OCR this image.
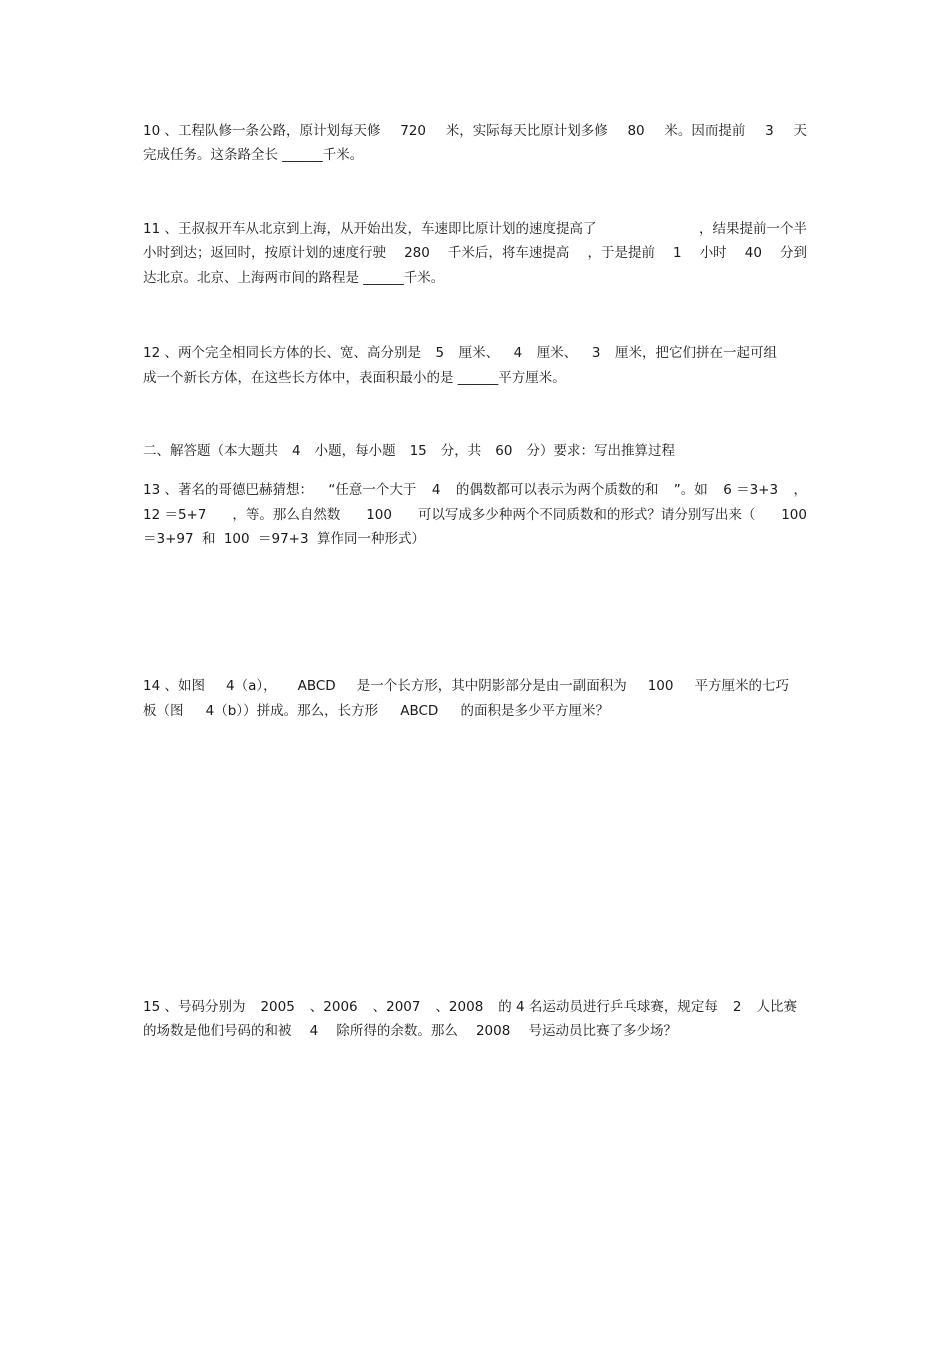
10 、工程队修一条公路，原计划每天修 720 米，实际每天比原计划多修 80 米。因而提前 3 天
完成任务。这条路全长 ______千米。
11 、王叔叔开车从北京到上海，从开始出发，车速即比原计划的速度提高了	，结果提前一个半
小时到达；返回时，按原计划的速度行驶 280 千米后，将车速提高 ，于是提前 1 小时 40 分到
达北京。北京、上海两市间的路程是 ______千米。
12 、两个完全相同长方体的长、宽、高分别是 5 厘米、 4 厘米、 3 厘米，把它们拼在一起可组
成一个新长方体，在这些长方体中，表面积最小的是 ______平方厘米。
二、解答题（本大题共 4 小题，每小题 15 分，共 60 分）要求：写出推算过程
13 、著名的哥德巴赫猜想： “任意一个大于 4 的偶数都可以表示为两个质数的和 ”。如 6 ＝3+3 ，
12 ＝5+7 ，等。那么自然数 100 可以写成多少种两个不同质数和的形式？请分别写出来（ 100
＝3+97 和 100 ＝97+3 算作同一种形式）
14 、如图 4（a）， ABCD 是一个长方形，其中阴影部分是由一副面积为 100 平方厘米的七巧
板（图 4（b））拼成。那么，长方形 ABCD 的面积是多少平方厘米？
15 、号码分别为 2005 、2006 、2007 、2008 的 4 名运动员进行乒乓球赛，规定每 2 人比赛
的场数是他们号码的和被 4 除所得的余数。那么 2008 号运动员比赛了多少场？
